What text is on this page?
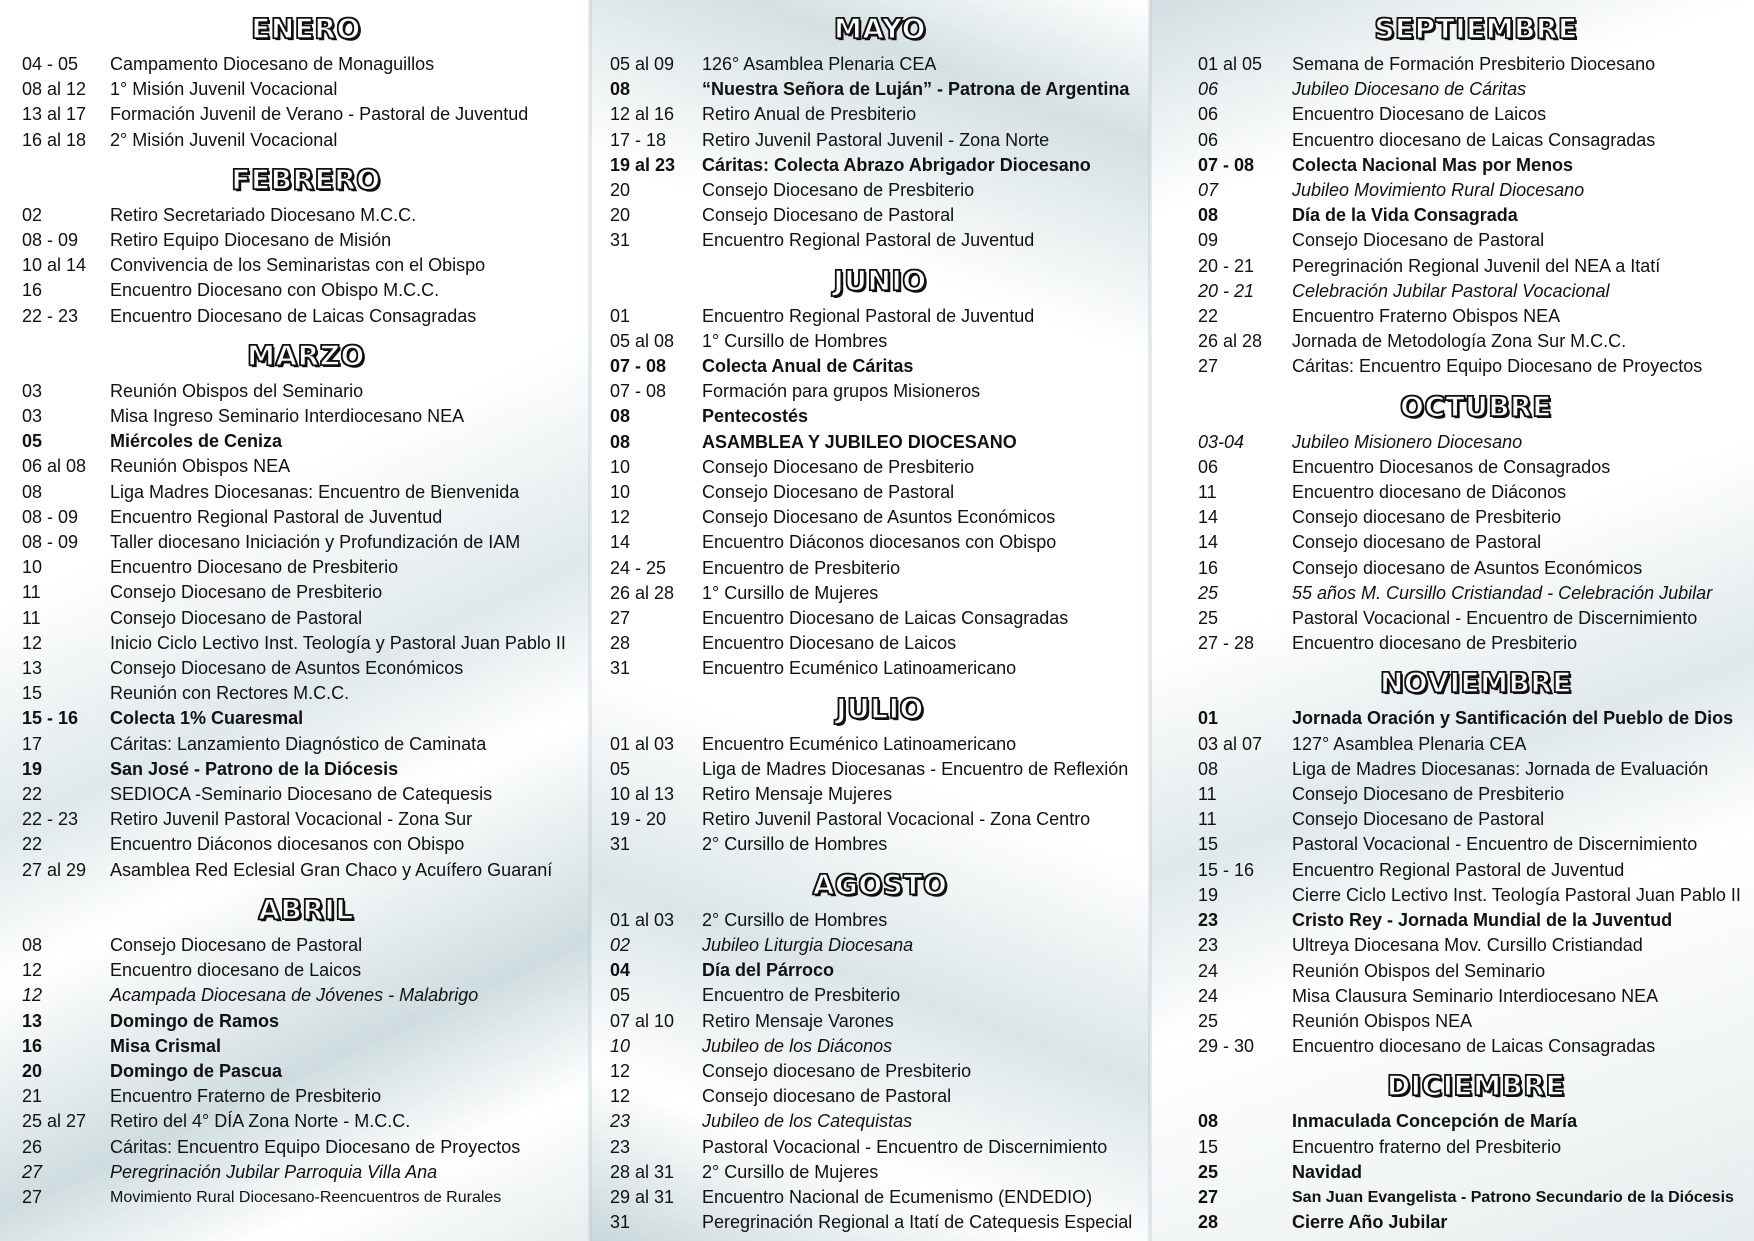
ENERO
04 - 05	Campamento Diocesano de Monaguillos
08 al 12	1° Misión Juvenil Vocacional
13 al 17	Formación Juvenil de Verano - Pastoral de Juventud
16 al 18	2° Misión Juvenil Vocacional
FEBRERO
02	Retiro Secretariado Diocesano M.C.C.
08 - 09	Retiro Equipo Diocesano de Misión
10 al 14	Convivencia de los Seminaristas con el Obispo
16	Encuentro Diocesano con Obispo M.C.C.
22 - 23	Encuentro Diocesano de Laicas Consagradas
MARZO
03	Reunión Obispos del Seminario
03	Misa Ingreso Seminario Interdiocesano NEA
05	Miércoles de Ceniza
06 al 08	Reunión Obispos NEA
08	Liga Madres Diocesanas: Encuentro de Bienvenida
08 - 09	Encuentro Regional Pastoral de Juventud
08 - 09	Taller diocesano Iniciación y Profundización de IAM
10	Encuentro Diocesano de Presbiterio
11	Consejo Diocesano de Presbiterio
11	Consejo Diocesano de Pastoral
12	Inicio Ciclo Lectivo Inst. Teología y Pastoral Juan Pablo II
13	Consejo Diocesano de Asuntos Económicos
15	Reunión con Rectores M.C.C.
15 - 16	Colecta 1% Cuaresmal
17	Cáritas: Lanzamiento Diagnóstico de Caminata
19	San José - Patrono de la Diócesis
22	SEDIOCA -Seminario Diocesano de Catequesis
22 - 23	Retiro Juvenil Pastoral Vocacional - Zona Sur
22	Encuentro Diáconos diocesanos con Obispo
27 al 29	Asamblea Red Eclesial Gran Chaco y Acuífero Guaraní
ABRIL
08	Consejo Diocesano de Pastoral
12	Encuentro diocesano de Laicos
12	Acampada Diocesana de Jóvenes - Malabrigo
13	Domingo de Ramos
16	Misa Crismal
20	Domingo de Pascua
21	Encuentro Fraterno de Presbiterio
25 al 27	Retiro del 4° DÍA Zona Norte - M.C.C.
26	Cáritas: Encuentro Equipo Diocesano de Proyectos
27	Peregrinación Jubilar Parroquia Villa Ana
27	Movimiento Rural Diocesano-Reencuentros de Rurales
MAYO
05 al 09	126° Asamblea Plenaria CEA
08	“Nuestra Señora de Luján” - Patrona de Argentina
12 al 16	Retiro Anual de Presbiterio
17 - 18	Retiro Juvenil Pastoral Juvenil - Zona Norte
19 al 23	Cáritas: Colecta Abrazo Abrigador Diocesano
20	Consejo Diocesano de Presbiterio
20	Consejo Diocesano de Pastoral
31	Encuentro Regional Pastoral de Juventud
JUNIO
01	Encuentro Regional Pastoral de Juventud
05 al 08	1° Cursillo de Hombres
07 - 08	Colecta Anual de Cáritas
07 - 08	Formación para grupos Misioneros
08	Pentecostés
08	ASAMBLEA Y JUBILEO DIOCESANO
10	Consejo Diocesano de Presbiterio
10	Consejo Diocesano de Pastoral
12	Consejo Diocesano de Asuntos Económicos
14	Encuentro Diáconos diocesanos con Obispo
24 - 25	Encuentro de Presbiterio
26 al 28	1° Cursillo de Mujeres
27	Encuentro Diocesano de Laicas Consagradas
28	Encuentro Diocesano de Laicos
31	Encuentro Ecuménico Latinoamericano
JULIO
01 al 03	Encuentro Ecuménico Latinoamericano
05	Liga de Madres Diocesanas - Encuentro de Reflexión
10 al 13	Retiro Mensaje Mujeres
19 - 20	Retiro Juvenil Pastoral Vocacional - Zona Centro
31	2° Cursillo de Hombres
AGOSTO
01 al 03	2° Cursillo de Hombres
02	Jubileo Liturgia Diocesana
04	Día del Párroco
05	Encuentro de Presbiterio
07 al 10	Retiro Mensaje Varones
10	Jubileo de los Diáconos
12	Consejo diocesano de Presbiterio
12	Consejo diocesano de Pastoral
23	Jubileo de los Catequistas
23	Pastoral Vocacional - Encuentro de Discernimiento
28 al 31	2° Cursillo de Mujeres
29 al 31	Encuentro Nacional de Ecumenismo (ENDEDIO)
31	Peregrinación Regional a Itatí de Catequesis Especial
SEPTIEMBRE
01 al 05	Semana de Formación Presbiterio Diocesano
06	Jubileo Diocesano de Cáritas
06	Encuentro Diocesano de Laicos
06	Encuentro diocesano de Laicas Consagradas
07 - 08	Colecta Nacional Mas por Menos
07	Jubileo Movimiento Rural Diocesano
08	Día de la Vida Consagrada
09	Consejo Diocesano de Pastoral
20 - 21	Peregrinación Regional Juvenil del NEA a Itatí
20 - 21	Celebración Jubilar Pastoral Vocacional
22	Encuentro Fraterno Obispos NEA
26 al 28	Jornada de Metodología Zona Sur M.C.C.
27	Cáritas: Encuentro Equipo Diocesano de Proyectos
OCTUBRE
03-04	Jubileo Misionero Diocesano
06	Encuentro Diocesanos de Consagrados
11	Encuentro diocesano de Diáconos
14	Consejo diocesano de Presbiterio
14	Consejo diocesano de Pastoral
16	Consejo diocesano de Asuntos Económicos
25	55 años M. Cursillo Cristiandad - Celebración Jubilar
25	Pastoral Vocacional - Encuentro de Discernimiento
27 - 28	Encuentro diocesano de Presbiterio
NOVIEMBRE
01	Jornada Oración y Santificación del Pueblo de Dios
03 al 07	127° Asamblea Plenaria CEA
08	Liga de Madres Diocesanas: Jornada de Evaluación
11	Consejo Diocesano de Presbiterio
11	Consejo Diocesano de Pastoral
15	Pastoral Vocacional - Encuentro de Discernimiento
15 - 16	Encuentro Regional Pastoral de Juventud
19	Cierre Ciclo Lectivo Inst. Teología Pastoral Juan Pablo II
23	Cristo Rey - Jornada Mundial de la Juventud
23	Ultreya Diocesana Mov. Cursillo Cristiandad
24	Reunión Obispos del Seminario
24	Misa Clausura Seminario Interdiocesano NEA
25	Reunión Obispos NEA
29 - 30	Encuentro diocesano de Laicas Consagradas
DICIEMBRE
08	Inmaculada Concepción de María
15	Encuentro fraterno del Presbiterio
25	Navidad
27	San Juan Evangelista - Patrono Secundario de la Diócesis
28	Cierre Año Jubilar
